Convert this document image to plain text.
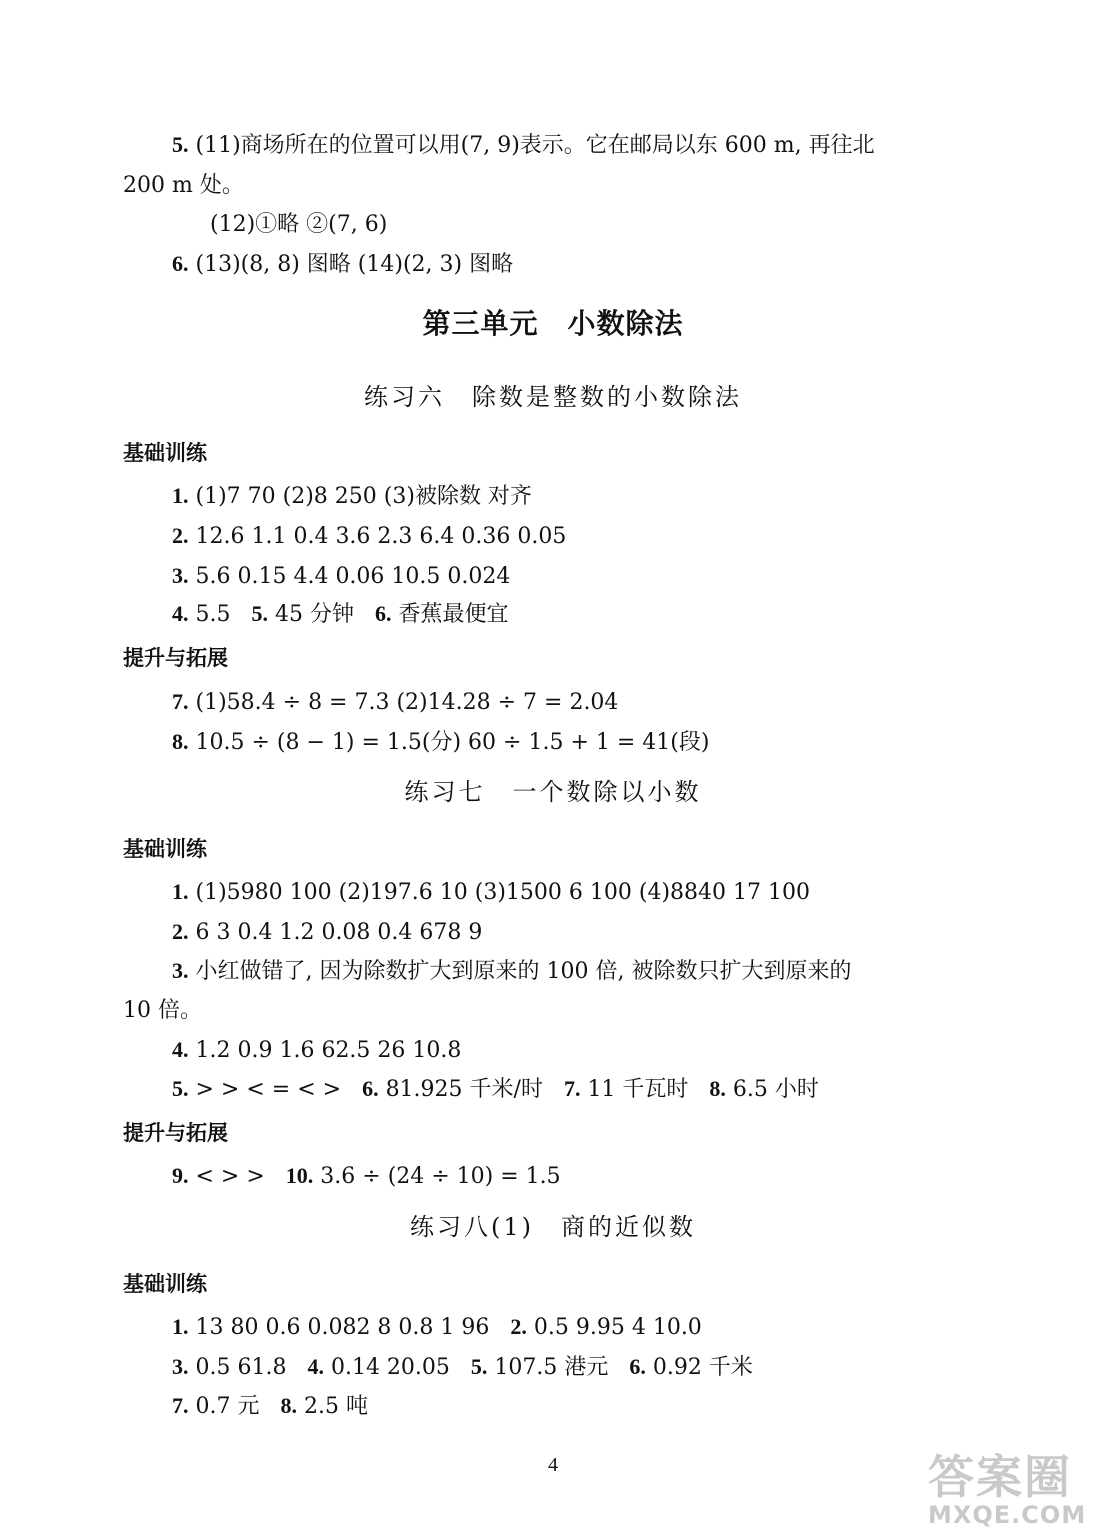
5. (11)商场所在的位置可以用(7, 9)表示。它在邮局以东 600 m, 再往北
200 m 处。
(12)①略 ②(7, 6)
6. (13)(8, 8) 图略 (14)(2, 3) 图略
第三单元　小数除法
练习六　除数是整数的小数除法
基础训练
1. (1)7 70 (2)8 250 (3)被除数 对齐
2. 12.6 1.1 0.4 3.6 2.3 6.4 0.36 0.05
3. 5.6 0.15 4.4 0.06 10.5 0.024
4. 5.5 5. 45 分钟 6. 香蕉最便宜
提升与拓展
7. (1)58.4 ÷ 8 = 7.3 (2)14.28 ÷ 7 = 2.04
8. 10.5 ÷ (8 − 1) = 1.5(分) 60 ÷ 1.5 + 1 = 41(段)
练习七　一个数除以小数
基础训练
1. (1)5980 100 (2)197.6 10 (3)1500 6 100 (4)8840 17 100
2. 6 3 0.4 1.2 0.08 0.4 678 9
3. 小红做错了, 因为除数扩大到原来的 100 倍, 被除数只扩大到原来的
10 倍。
4. 1.2 0.9 1.6 62.5 26 10.8
5. > > < = < > 6. 81.925 千米/时 7. 11 千瓦时 8. 6.5 小时
提升与拓展
9. < > > 10. 3.6 ÷ (24 ÷ 10) = 1.5
练习八(1)　商的近似数
基础训练
1. 13 80 0.6 0.082 8 0.8 1 96 2. 0.5 9.95 4 10.0
3. 0.5 61.8 4. 0.14 20.05 5. 107.5 港元 6. 0.92 千米
7. 0.7 元 8. 2.5 吨
4	答案圈
MXQE.COM
